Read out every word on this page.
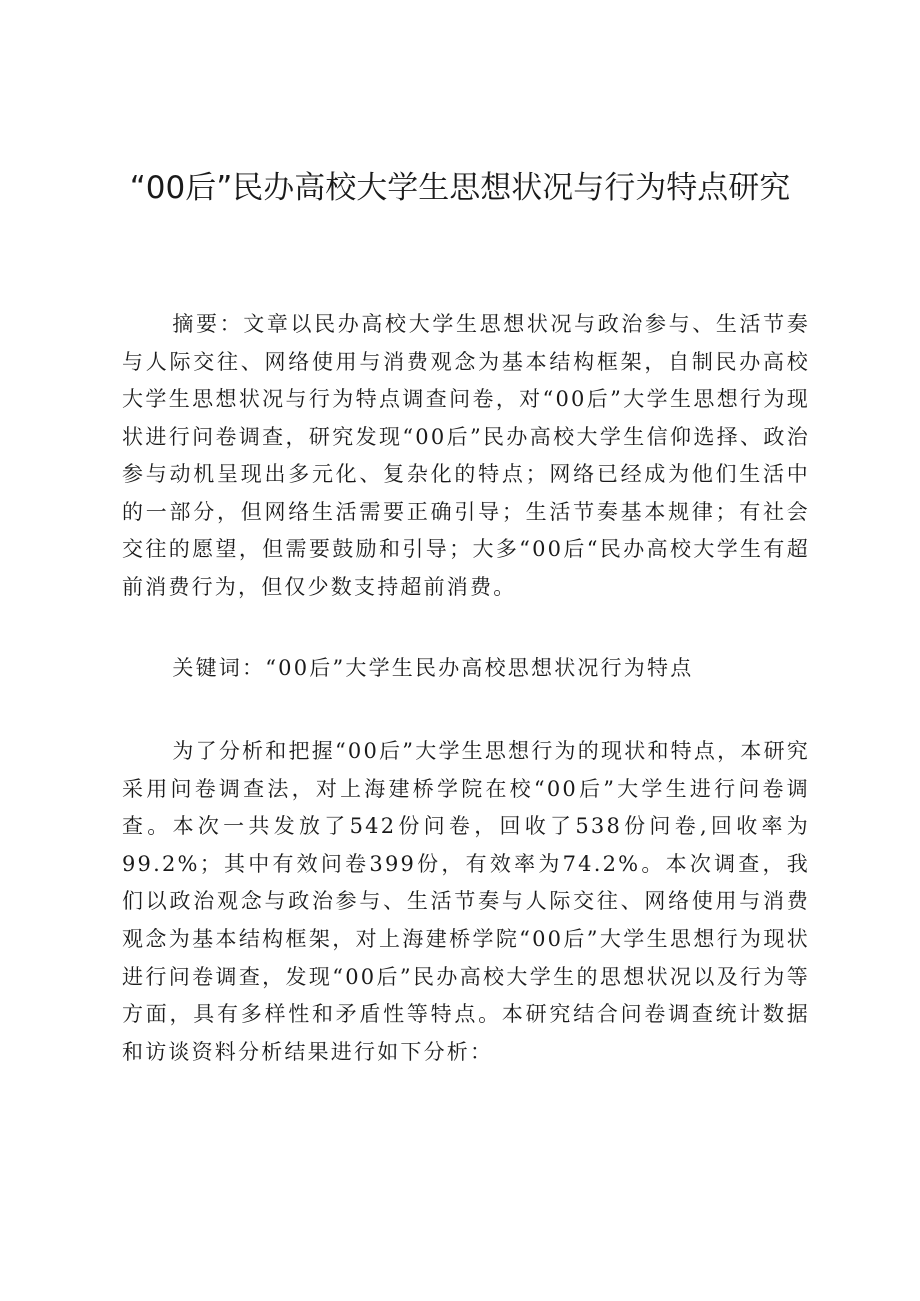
“00后”民办高校大学生思想状况与行为特点研究

摘要：文章以民办高校大学生思想状况与政治参与、生活节奏与人际交往、网络使用与消费观念为基本结构框架，自制民办高校大学生思想状况与行为特点调查问卷，对“00后”大学生思想行为现状进行问卷调查，研究发现“00后”民办高校大学生信仰选择、政治参与动机呈现出多元化、复杂化的特点；网络已经成为他们生活中的一部分，但网络生活需要正确引导；生活节奏基本规律；有社会交往的愿望，但需要鼓励和引导；大多“00后“民办高校大学生有超前消费行为，但仅少数支持超前消费。

关键词：“00后”大学生民办高校思想状况行为特点

为了分析和把握“00后”大学生思想行为的现状和特点，本研究采用问卷调查法，对上海建桥学院在校“00后”大学生进行问卷调查。本次一共发放了542份问卷，回收了538份问卷,回收率为99.2%；其中有效问卷399份，有效率为74.2%。本次调查，我们以政治观念与政治参与、生活节奏与人际交往、网络使用与消费观念为基本结构框架，对上海建桥学院“00后”大学生思想行为现状进行问卷调查，发现“00后”民办高校大学生的思想状况以及行为等方面，具有多样性和矛盾性等特点。本研究结合问卷调查统计数据和访谈资料分析结果进行如下分析：
